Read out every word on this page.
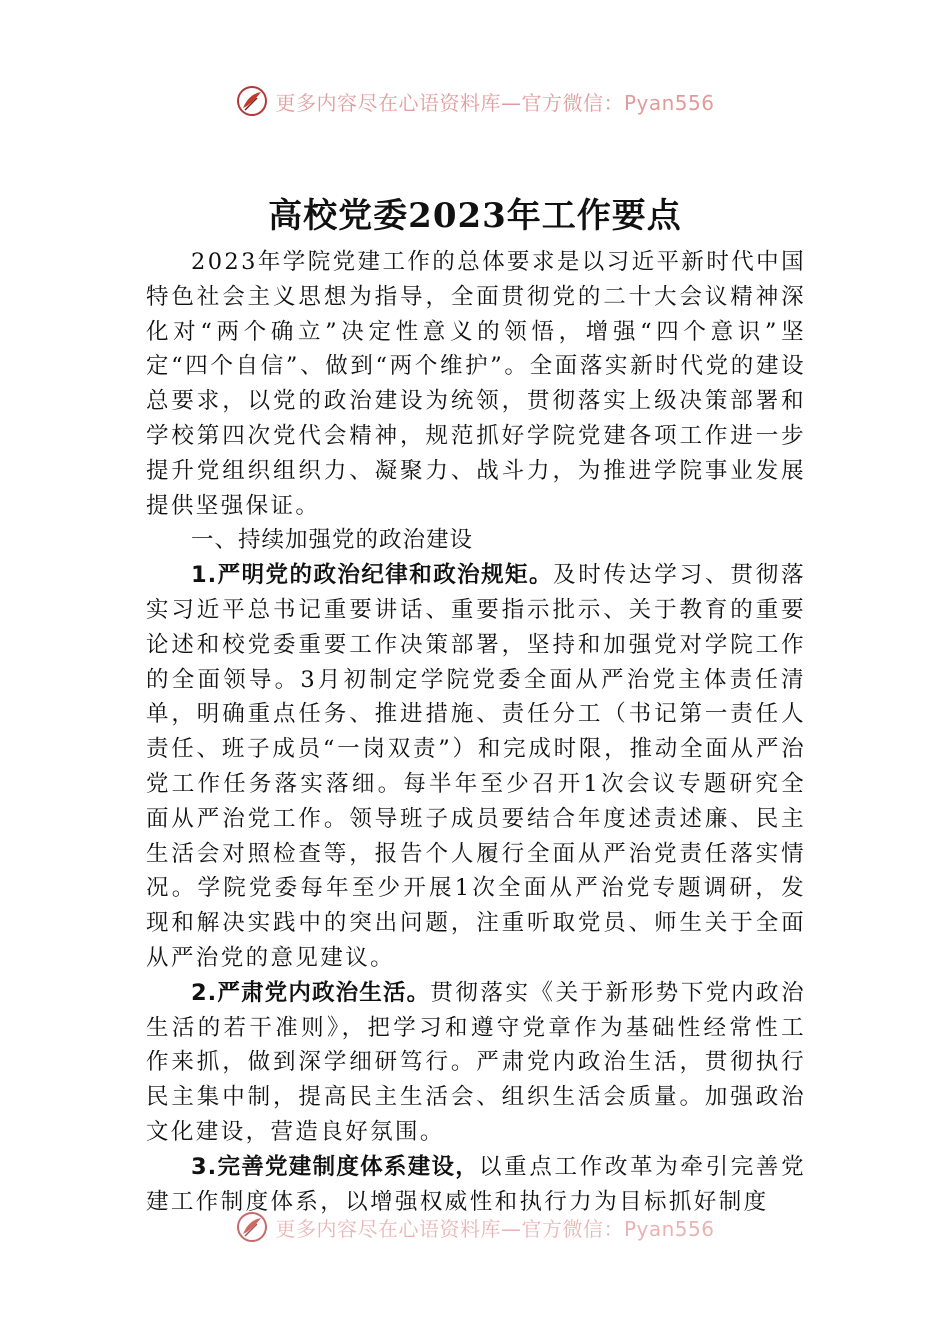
更多内容尽在心语资料库—官方微信：Pyan556
高校党委2023年工作要点

2023年学院党建工作的总体要求是以习近平新时代中国特色社会主义思想为指导，全面贯彻党的二十大会议精神深化对“两个确立”决定性意义的领悟，增强“四个意识”坚定“四个自信”、做到“两个维护”。全面落实新时代党的建设总要求，以党的政治建设为统领，贯彻落实上级决策部署和学校第四次党代会精神，规范抓好学院党建各项工作进一步提升党组织组织力、凝聚力、战斗力，为推进学院事业发展提供坚强保证。

一、持续加强党的政治建设

1.严明党的政治纪律和政治规矩。及时传达学习、贯彻落实习近平总书记重要讲话、重要指示批示、关于教育的重要论述和校党委重要工作决策部署，坚持和加强党对学院工作的全面领导。3月初制定学院党委全面从严治党主体责任清单，明确重点任务、推进措施、责任分工（书记第一责任人责任、班子成员“一岗双责”）和完成时限，推动全面从严治党工作任务落实落细。每半年至少召开1次会议专题研究全面从严治党工作。领导班子成员要结合年度述责述廉、民主生活会对照检查等，报告个人履行全面从严治党责任落实情况。学院党委每年至少开展1次全面从严治党专题调研，发现和解决实践中的突出问题，注重听取党员、师生关于全面从严治党的意见建议。

2.严肃党内政治生活。贯彻落实《关于新形势下党内政治生活的若干准则》，把学习和遵守党章作为基础性经常性工作来抓，做到深学细研笃行。严肃党内政治生活，贯彻执行民主集中制，提高民主生活会、组织生活会质量。加强政治文化建设，营造良好氛围。

3.完善党建制度体系建设，以重点工作改革为牵引完善党建工作制度体系，以增强权威性和执行力为目标抓好制度

更多内容尽在心语资料库—官方微信：Pyan556
